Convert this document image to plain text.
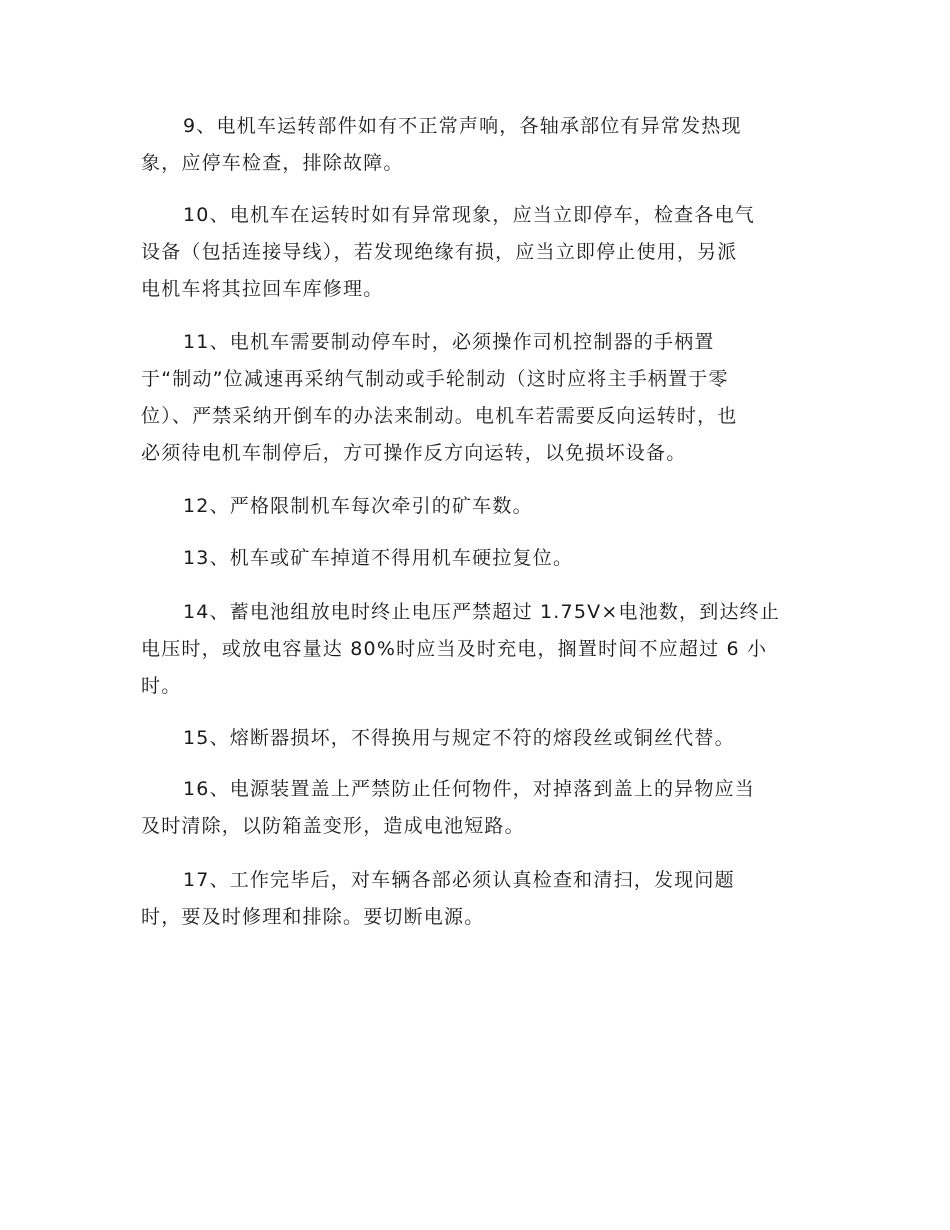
9、电机车运转部件如有不正常声响，各轴承部位有异常发热现
象，应停车检查，排除故障。
10、电机车在运转时如有异常现象，应当立即停车，检查各电气
设备（包括连接导线），若发现绝缘有损，应当立即停止使用，另派
电机车将其拉回车库修理。
11、电机车需要制动停车时，必须操作司机控制器的手柄置
于“制动”位减速再采纳气制动或手轮制动（这时应将主手柄置于零
位）、严禁采纳开倒车的办法来制动。电机车若需要反向运转时，也
必须待电机车制停后，方可操作反方向运转，以免损坏设备。
12、严格限制机车每次牵引的矿车数。
13、机车或矿车掉道不得用机车硬拉复位。
14、蓄电池组放电时终止电压严禁超过 1.75V×电池数，到达终止
电压时，或放电容量达 80%时应当及时充电，搁置时间不应超过 6 小
时。
15、熔断器损坏，不得换用与规定不符的熔段丝或铜丝代替。
16、电源装置盖上严禁防止任何物件，对掉落到盖上的异物应当
及时清除，以防箱盖变形，造成电池短路。
17、工作完毕后，对车辆各部必须认真检查和清扫，发现问题
时，要及时修理和排除。要切断电源。
